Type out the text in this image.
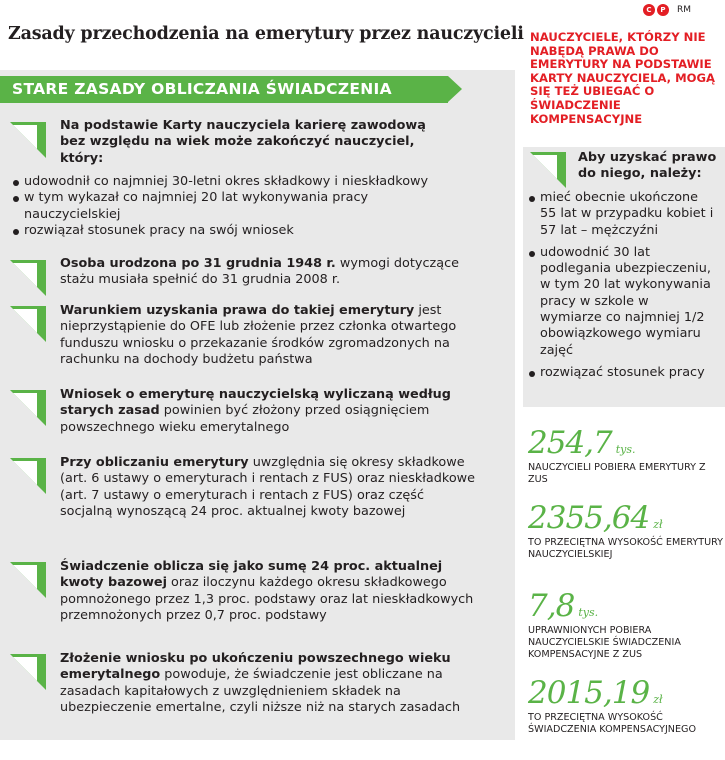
Zasady przechodzenia na emerytury przez nauczycieli
C	P	RM
STARE ZASADY OBLICZANIA ŚWIADCZENIA
Na podstawie Karty nauczyciela karierę zawodową bez względu na wiek może zakończyć nauczyciel, który:
udowodnił co najmniej 30-letni okres składkowy i nieskładkowy
w tym wykazał co najmniej 20 lat wykonywania pracy nauczycielskiej
rozwiązał stosunek pracy na swój wniosek
Osoba urodzona po 31 grudnia 1948 r. wymogi dotyczące stażu musiała spełnić do 31 grudnia 2008 r.
Warunkiem uzyskania prawa do takiej emerytury jest nieprzystąpienie do OFE lub złożenie przez członka otwartego funduszu wniosku o przekazanie środków zgromadzonych na rachunku na dochody budżetu państwa
Wniosek o emeryturę nauczycielską wyliczaną według starych zasad powinien być złożony przed osiągnięciem powszechnego wieku emerytalnego
Przy obliczaniu emerytury uwzględnia się okresy składkowe (art. 6 ustawy o emeryturach i rentach z FUS) oraz nieskładkowe (art. 7 ustawy o emeryturach i rentach z FUS) oraz część socjalną wynoszącą 24 proc. aktualnej kwoty bazowej
Świadczenie oblicza się jako sumę 24 proc. aktualnej kwoty bazowej oraz iloczynu każdego okresu składkowego pomnożonego przez 1,3 proc. podstawy oraz lat nieskładkowych przemnożonych przez 0,7 proc. podstawy
Złożenie wniosku po ukończeniu powszechnego wieku emerytalnego powoduje, że świadczenie jest obliczane na zasadach kapitałowych z uwzględnieniem składek na ubezpieczenie emertalne, czyli niższe niż na starych zasadach
NAUCZYCIELE, KTÓRZY NIE NABĘDĄ PRAWA DO EMERYTURY NA PODSTAWIE KARTY NAUCZYCIELA, MOGĄ SIĘ TEŻ UBIEGAĆ O ŚWIADCZENIE KOMPENSACYJNE
Aby uzyskać prawo do niego, należy:
mieć obecnie ukończone 55 lat w przypadku kobiet i 57 lat – mężczyźni
udowodnić 30 lat podlegania ubezpieczeniu, w tym 20 lat wykonywania pracy w szkole w wymiarze co najmniej 1/2 obowiązkowego wymiaru zajęć
rozwiązać stosunek pracy
254,7 tys.
NAUCZYCIELI POBIERA EMERYTURY Z ZUS
2355,64 zł
TO PRZECIĘTNA WYSOKOŚĆ EMERYTURY NAUCZYCIELSKIEJ
7,8 tys.
UPRAWNIONYCH POBIERA NAUCZYCIELSKIE ŚWIADCZENIA KOMPENSACYJNE Z ZUS
2015,19 zł
TO PRZECIĘTNA WYSOKOŚĆ ŚWIADCZENIA KOMPENSACYJNEGO
